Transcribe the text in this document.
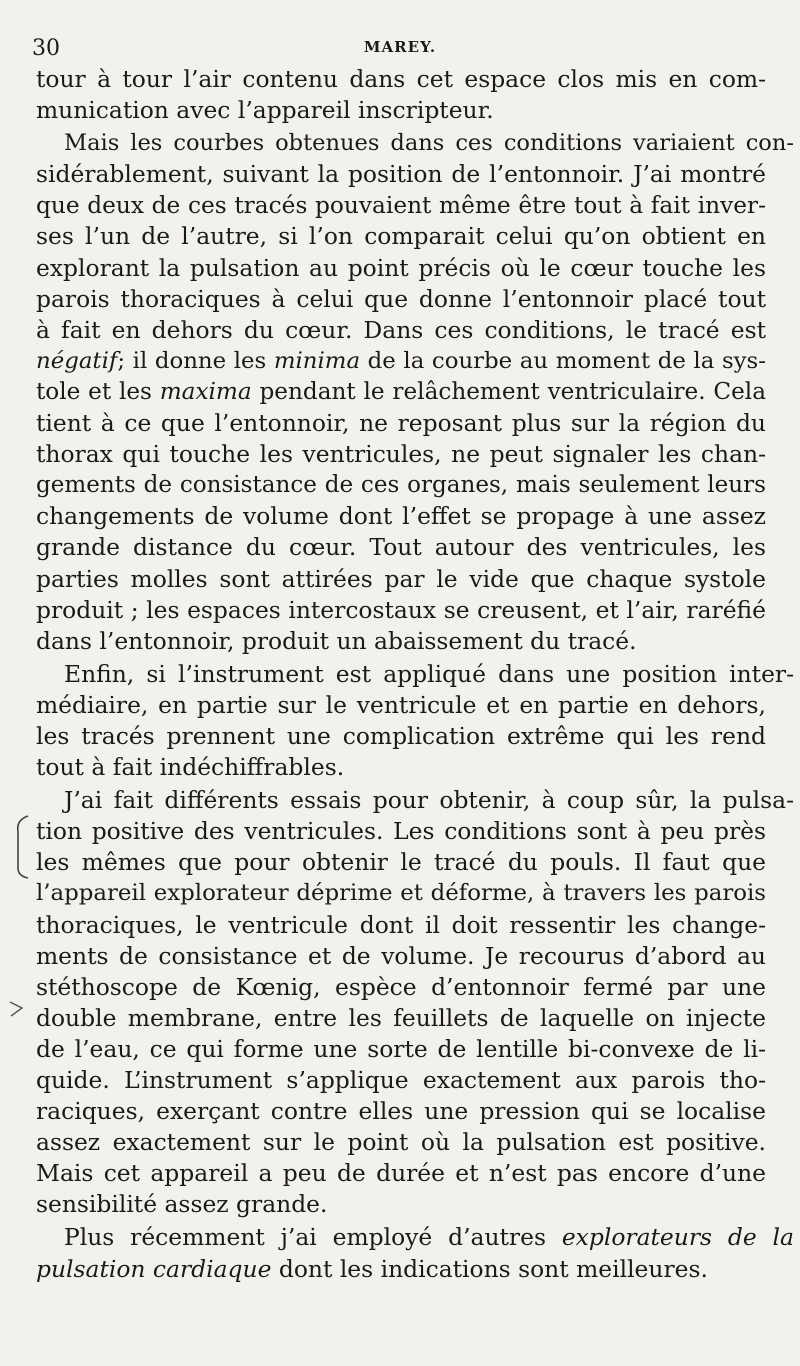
30	MAREY.
tour à tour l’air contenu dans cet espace clos mis en com-
munication avec l’appareil inscripteur.
Mais les courbes obtenues dans ces conditions variaient con-
sidérablement, suivant la position de l’entonnoir. J’ai montré
que deux de ces tracés pouvaient même être tout à fait inver-
ses l’un de l’autre, si l’on comparait celui qu’on obtient en
explorant la pulsation au point précis où le cœur touche les
parois thoraciques à celui que donne l’entonnoir placé tout
à fait en dehors du cœur. Dans ces conditions, le tracé est
négatif; il donne les minima de la courbe au moment de la sys-
tole et les maxima pendant le relâchement ventriculaire. Cela
tient à ce que l’entonnoir, ne reposant plus sur la région du
thorax qui touche les ventricules, ne peut signaler les chan-
gements de consistance de ces organes, mais seulement leurs
changements de volume dont l’effet se propage à une assez
grande distance du cœur. Tout autour des ventricules, les
parties molles sont attirées par le vide que chaque systole
produit ; les espaces intercostaux se creusent, et l’air, raréfié
dans l’entonnoir, produit un abaissement du tracé.
Enfin, si l’instrument est appliqué dans une position inter-
médiaire, en partie sur le ventricule et en partie en dehors,
les tracés prennent une complication extrême qui les rend
tout à fait indéchiffrables.
J’ai fait différents essais pour obtenir, à coup sûr, la pulsa-
tion positive des ventricules. Les conditions sont à peu près
les mêmes que pour obtenir le tracé du pouls. Il faut que
l’appareil explorateur déprime et déforme, à travers les parois
thoraciques, le ventricule dont il doit ressentir les change-
ments de consistance et de volume. Je recourus d’abord au
stéthoscope de Kœnig, espèce d’entonnoir fermé par une
double membrane, entre les feuillets de laquelle on injecte
de l’eau, ce qui forme une sorte de lentille bi-convexe de li-
quide. L’instrument s’applique exactement aux parois tho-
raciques, exerçant contre elles une pression qui se localise
assez exactement sur le point où la pulsation est positive.
Mais cet appareil a peu de durée et n’est pas encore d’une
sensibilité assez grande.
Plus récemment j’ai employé d’autres explorateurs de la
pulsation cardiaque dont les indications sont meilleures.
